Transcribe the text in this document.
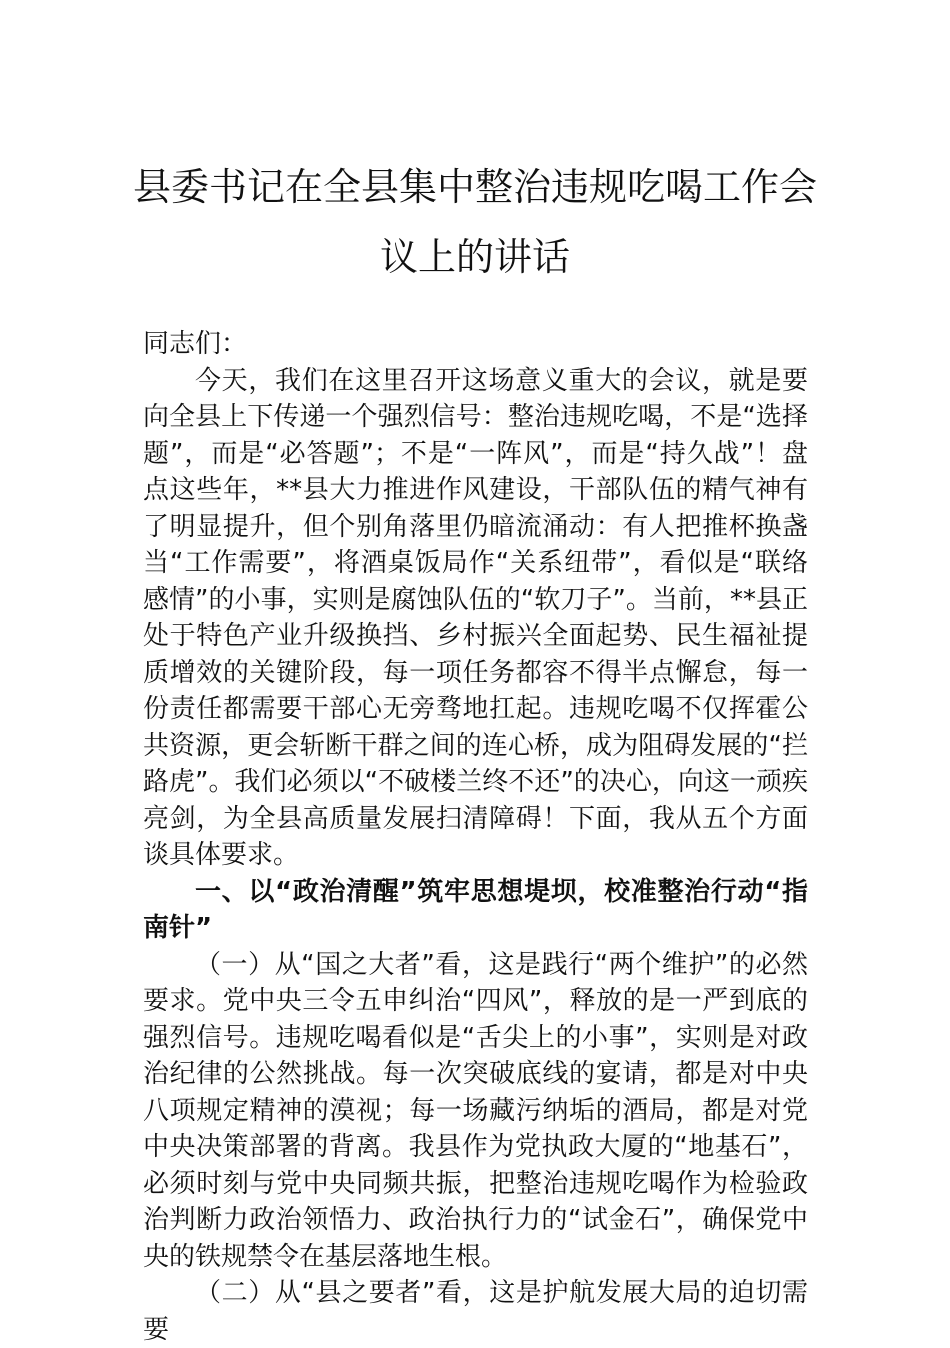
县委书记在全县集中整治违规吃喝工作会
议上的讲话

同志们：

今天，我们在这里召开这场意义重大的会议，就是要向全县上下传递一个强烈信号：整治违规吃喝，不是“选择题”，而是“必答题”；不是“一阵风”，而是“持久战”！盘点这些年，**县大力推进作风建设，干部队伍的精气神有了明显提升，但个别角落里仍暗流涌动：有人把推杯换盏当“工作需要”，将酒桌饭局作“关系纽带”，看似是“联络感情”的小事，实则是腐蚀队伍的“软刀子”。当前，**县正处于特色产业升级换挡、乡村振兴全面起势、民生福祉提质增效的关键阶段，每一项任务都容不得半点懈怠，每一份责任都需要干部心无旁骛地扛起。违规吃喝不仅挥霍公共资源，更会斩断干群之间的连心桥，成为阻碍发展的“拦路虎”。我们必须以“不破楼兰终不还”的决心，向这一顽疾亮剑，为全县高质量发展扫清障碍！下面，我从五个方面谈具体要求。

一、以“政治清醒”筑牢思想堤坝，校准整治行动“指南针”

（一）从“国之大者”看，这是践行“两个维护”的必然要求。党中央三令五申纠治“四风”，释放的是一严到底的强烈信号。违规吃喝看似是“舌尖上的小事”，实则是对政治纪律的公然挑战。每一次突破底线的宴请，都是对中央八项规定精神的漠视；每一场藏污纳垢的酒局，都是对党中央决策部署的背离。我县作为党执政大厦的“地基石”，必须时刻与党中央同频共振，把整治违规吃喝作为检验政治判断力政治领悟力、政治执行力的“试金石”，确保党中央的铁规禁令在基层落地生根。

（二）从“县之要者”看，这是护航发展大局的迫切需要
